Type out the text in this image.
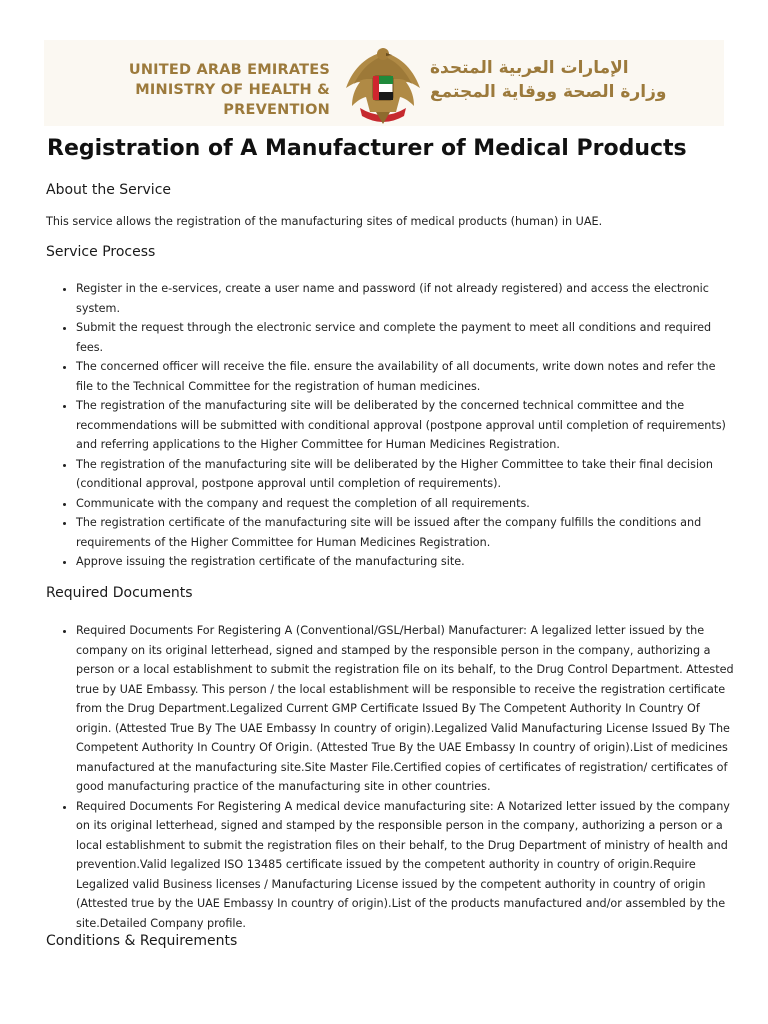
UNITED ARAB EMIRATES
MINISTRY OF HEALTH & PREVENTION
الإمارات العربية المتحدة
وزارة الصحة ووقاية المجتمع
Registration of A Manufacturer of Medical Products
About the Service

This service allows the registration of the manufacturing sites of medical products (human) in UAE.

Service Process
• Register in the e-services, create a user name and password (if not already registered) and access the electronic system.
• Submit the request through the electronic service and complete the payment to meet all conditions and required fees.
• The concerned officer will receive the file. ensure the availability of all documents, write down notes and refer the file to the Technical Committee for the registration of human medicines.
• The registration of the manufacturing site will be deliberated by the concerned technical committee and the recommendations will be submitted with conditional approval (postpone approval until completion of requirements) and referring applications to the Higher Committee for Human Medicines Registration.
• The registration of the manufacturing site will be deliberated by the Higher Committee to take their final decision (conditional approval, postpone approval until completion of requirements).
• Communicate with the company and request the completion of all requirements.
• The registration certificate of the manufacturing site will be issued after the company fulfills the conditions and requirements of the Higher Committee for Human Medicines Registration.
• Approve issuing the registration certificate of the manufacturing site.
Required Documents
• Required Documents For Registering A (Conventional/GSL/Herbal) Manufacturer: A legalized letter issued by the company on its original letterhead, signed and stamped by the responsible person in the company, authorizing a person or a local establishment to submit the registration file on its behalf, to the Drug Control Department. Attested true by UAE Embassy. This person / the local establishment will be responsible to receive the registration certificate from the Drug Department.Legalized Current GMP Certificate Issued By The Competent Authority In Country Of origin. (Attested True By The UAE Embassy In country of origin).Legalized Valid Manufacturing License Issued By The Competent Authority In Country Of Origin. (Attested True By the UAE Embassy In country of origin).List of medicines manufactured at the manufacturing site.Site Master File.Certified copies of certificates of registration/ certificates of good manufacturing practice of the manufacturing site in other countries.
• Required Documents For Registering A medical device manufacturing site: A Notarized letter issued by the company on its original letterhead, signed and stamped by the responsible person in the company, authorizing a person or a local establishment to submit the registration files on their behalf, to the Drug Department of ministry of health and prevention.Valid legalized ISO 13485 certificate issued by the competent authority in country of origin.Require Legalized valid Business licenses / Manufacturing License issued by the competent authority in country of origin (Attested true by the UAE Embassy In country of origin).List of the products manufactured and/or assembled by the site.Detailed Company profile.
Conditions & Requirements
